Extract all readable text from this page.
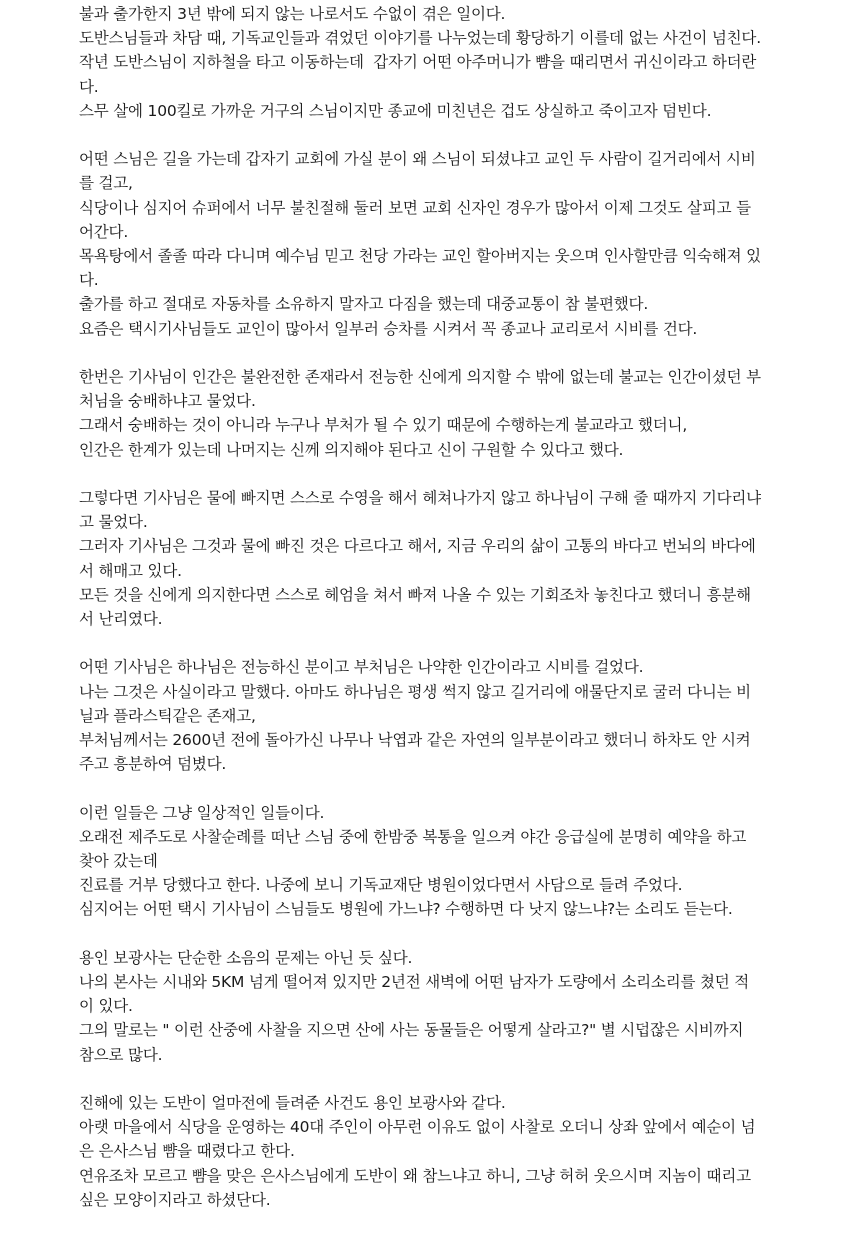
불과 출가한지 3년 밖에 되지 않는 나로서도 수없이 겪은 일이다.
도반스님들과 차담 때, 기독교인들과 겪었던 이야기를 나누었는데 황당하기 이를데 없는 사건이 넘친다.
작년 도반스님이 지하철을 타고 이동하는데  갑자기 어떤 아주머니가 뺨을 때리면서 귀신이라고 하더란
다.
스무 살에 100킬로 가까운 거구의 스님이지만 종교에 미친년은 겁도 상실하고 죽이고자 덤빈다.
어떤 스님은 길을 가는데 갑자기 교회에 가실 분이 왜 스님이 되셨냐고 교인 두 사람이 길거리에서 시비
를 걸고,
식당이나 심지어 슈퍼에서 너무 불친절해 둘러 보면 교회 신자인 경우가 많아서 이제 그것도 살피고 들
어간다.
목욕탕에서 졸졸 따라 다니며 예수님 믿고 천당 가라는 교인 할아버지는 웃으며 인사할만큼 익숙해져 있
다.
출가를 하고 절대로 자동차를 소유하지 말자고 다짐을 했는데 대중교통이 참 불편했다.
요즘은 택시기사님들도 교인이 많아서 일부러 승차를 시켜서 꼭 종교나 교리로서 시비를 건다.
한번은 기사님이 인간은 불완전한 존재라서 전능한 신에게 의지할 수 밖에 없는데 불교는 인간이셨던 부
처님을 숭배하냐고 물었다.
그래서 숭배하는 것이 아니라 누구나 부처가 될 수 있기 때문에 수행하는게 불교라고 했더니,
인간은 한계가 있는데 나머지는 신께 의지해야 된다고 신이 구원할 수 있다고 했다.
그렇다면 기사님은 물에 빠지면 스스로 수영을 해서 헤쳐나가지 않고 하나님이 구해 줄 때까지 기다리냐
고 물었다.
그러자 기사님은 그것과 물에 빠진 것은 다르다고 해서, 지금 우리의 삶이 고통의 바다고 번뇌의 바다에
서 해매고 있다.
모든 것을 신에게 의지한다면 스스로 헤엄을 쳐서 빠져 나올 수 있는 기회조차 놓친다고 했더니 흥분해
서 난리였다.
어떤 기사님은 하나님은 전능하신 분이고 부처님은 나약한 인간이라고 시비를 걸었다.
나는 그것은 사실이라고 말했다. 아마도 하나님은 평생 썩지 않고 길거리에 애물단지로 굴러 다니는 비
닐과 플라스틱같은 존재고,
부처님께서는 2600년 전에 돌아가신 나무나 낙엽과 같은 자연의 일부분이라고 했더니 하차도 안 시켜
주고 흥분하여 덤볐다.
이런 일들은 그냥 일상적인 일들이다.
오래전 제주도로 사찰순례를 떠난 스님 중에 한밤중 복통을 일으켜 야간 응급실에 분명히 예약을 하고
찾아 갔는데
진료를 거부 당했다고 한다. 나중에 보니 기독교재단 병원이었다면서 사담으로 들려 주었다.
심지어는 어떤 택시 기사님이 스님들도 병원에 가느냐? 수행하면 다 낫지 않느냐?는 소리도 듣는다.
용인 보광사는 단순한 소음의 문제는 아닌 듯 싶다.
나의 본사는 시내와 5KM 넘게 떨어져 있지만 2년전 새벽에 어떤 남자가 도량에서 소리소리를 쳤던 적
이 있다.
그의 말로는 " 이런 산중에 사찰을 지으면 산에 사는 동물들은 어떻게 살라고?" 별 시덥잖은 시비까지
참으로 많다.
진해에 있는 도반이 얼마전에 들려준 사건도 용인 보광사와 같다.
아랫 마을에서 식당을 운영하는 40대 주인이 아무런 이유도 없이 사찰로 오더니 상좌 앞에서 예순이 넘
은 은사스님 뺨을 때렸다고 한다.
연유조차 모르고 뺨을 맞은 은사스님에게 도반이 왜 참느냐고 하니, 그냥 허허 웃으시며 지놈이 때리고
싶은 모양이지라고 하셨단다.
